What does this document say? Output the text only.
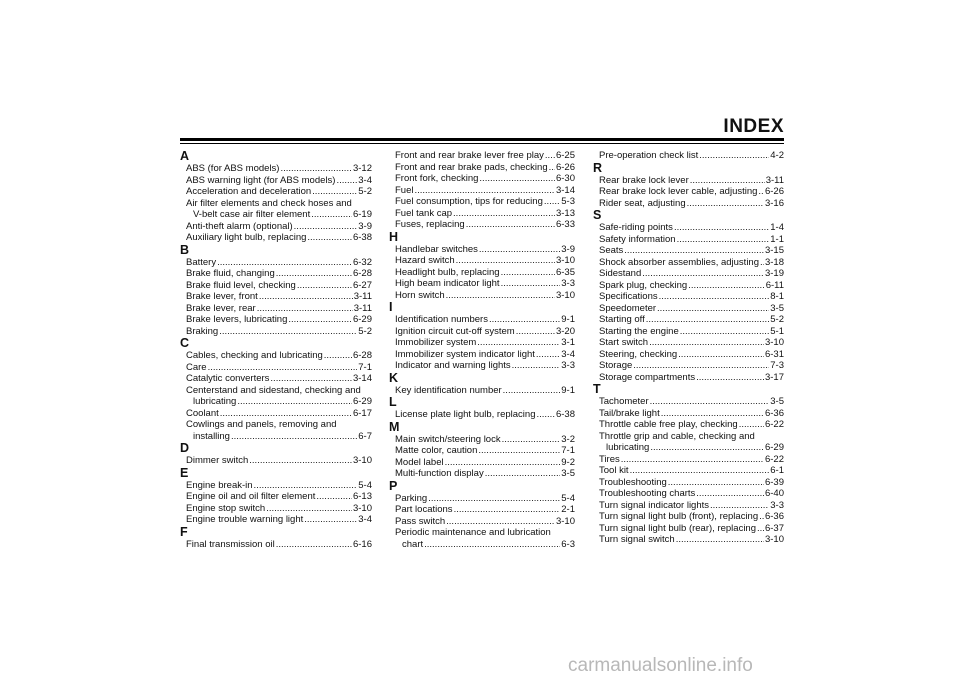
INDEX
A
ABS (for ABS models) .....	3-12
ABS warning light (for ABS models) ..... 3-4
Acceleration and deceleration .....	5-2
Air filter elements and check hoses and
V-belt case air filter element .....	6-19
Anti-theft alarm (optional) .....	3-9
Auxiliary light bulb, replacing .....	6-38
B
Battery .....	6-32
Brake fluid, changing .....	6-28
Brake fluid level, checking .....	6-27
Brake lever, front .....	3-11
Brake lever, rear .....	3-11
Brake levers, lubricating .....	6-29
Braking .....	5-2
C
Cables, checking and lubricating .....	6-28
Care .....	7-1
Catalytic converters .....	3-14
Centerstand and sidestand, checking and
lubricating .....	6-29
Coolant .....	6-17
Cowlings and panels, removing and
installing .....	6-7
D
Dimmer switch .....	3-10
E
Engine break-in .....	5-4
Engine oil and oil filter element .....	6-13
Engine stop switch .....	3-10
Engine trouble warning light .....	3-4
F
Final transmission oil .....	6-16
Front and rear brake lever free play ..... 6-25
Front and rear brake pads, checking ..... 6-26
Front fork, checking .....	6-30
Fuel .....	3-14
Fuel consumption, tips for reducing ..... 5-3
Fuel tank cap .....	3-13
Fuses, replacing .....	6-33
H
Handlebar switches .....	3-9
Hazard switch .....	3-10
Headlight bulb, replacing .....	6-35
High beam indicator light .....	3-3
Horn switch .....	3-10
I
Identification numbers .....	9-1
Ignition circuit cut-off system .....	3-20
Immobilizer system .....	3-1
Immobilizer system indicator light .....	3-4
Indicator and warning lights .....	3-3
K
Key identification number .....	9-1
L
License plate light bulb, replacing ..... 6-38
M
Main switch/steering lock .....	3-2
Matte color, caution .....	7-1
Model label .....	9-2
Multi-function display .....	3-5
P
Parking .....	5-4
Part locations .....	2-1
Pass switch .....	3-10
Periodic maintenance and lubrication
chart .....	6-3
Pre-operation check list .....	4-2
R
Rear brake lock lever .....	3-11
Rear brake lock lever cable, adjusting ..... 6-26
Rider seat, adjusting .....	3-16
S
Safe-riding points .....	1-4
Safety information .....	1-1
Seats .....	3-15
Shock absorber assemblies, adjusting ..... 3-18
Sidestand .....	3-19
Spark plug, checking .....	6-11
Specifications .....	8-1
Speedometer .....	3-5
Starting off .....	5-2
Starting the engine .....	5-1
Start switch .....	3-10
Steering, checking .....	6-31
Storage .....	7-3
Storage compartments .....	3-17
T
Tachometer .....	3-5
Tail/brake light .....	6-36
Throttle cable free play, checking .....	6-22
Throttle grip and cable, checking and
lubricating .....	6-29
Tires .....	6-22
Tool kit .....	6-1
Troubleshooting .....	6-39
Troubleshooting charts .....	6-40
Turn signal indicator lights .....	3-3
Turn signal light bulb (front), replacing ..... 6-36
Turn signal light bulb (rear), replacing ..... 6-37
Turn signal switch .....	3-10
carmanualsonline.info
